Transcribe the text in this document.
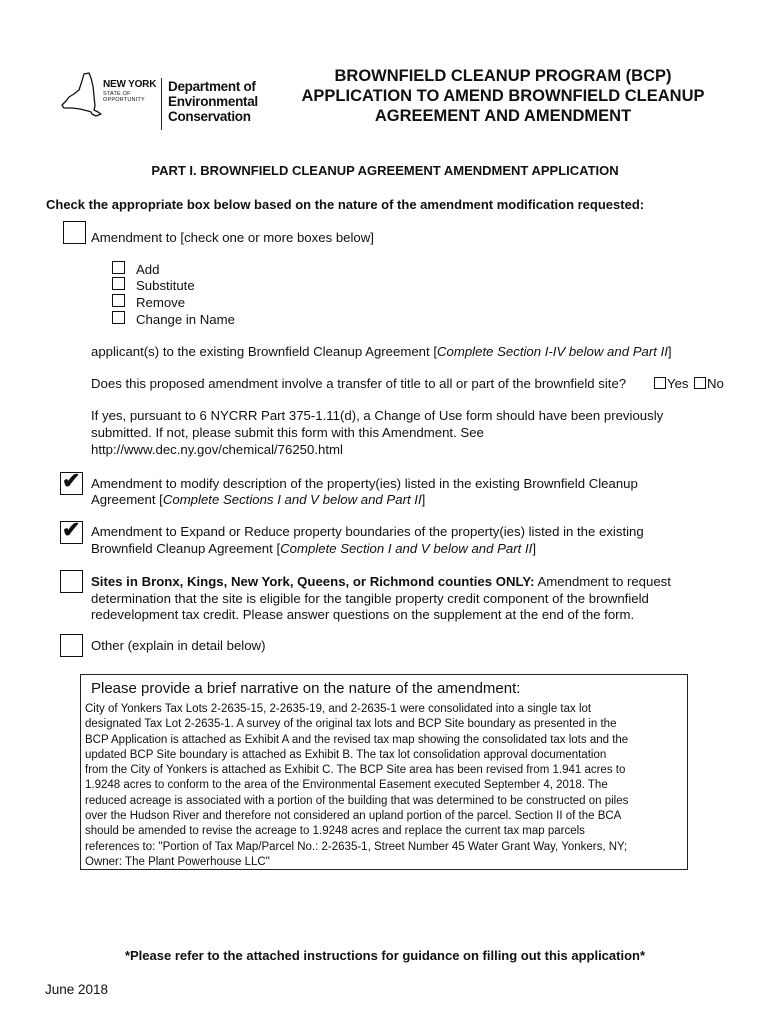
NEW YORK
STATE OF
OPPORTUNITY
Department of
Environmental
Conservation
BROWNFIELD CLEANUP PROGRAM (BCP)
APPLICATION TO AMEND BROWNFIELD CLEANUP
AGREEMENT AND AMENDMENT
PART I. BROWNFIELD CLEANUP AGREEMENT AMENDMENT APPLICATION
Check the appropriate box below based on the nature of the amendment modification requested:
Amendment to [check one or more boxes below]
Add
Substitute
Remove
Change in Name
applicant(s) to the existing Brownfield Cleanup Agreement [Complete Section I-IV below and Part II]
Does this proposed amendment involve a transfer of title to all or part of the brownfield site?	Yes No
If yes, pursuant to 6 NYCRR Part 375-1.11(d), a Change of Use form should have been previously
submitted. If not, please submit this form with this Amendment. See
http://www.dec.ny.gov/chemical/76250.html
✔ Amendment to modify description of the property(ies) listed in the existing Brownfield Cleanup
Agreement [Complete Sections I and V below and Part II]
✔ Amendment to Expand or Reduce property boundaries of the property(ies) listed in the existing
Brownfield Cleanup Agreement [Complete Section I and V below and Part II]
Sites in Bronx, Kings, New York, Queens, or Richmond counties ONLY: Amendment to request
determination that the site is eligible for the tangible property credit component of the brownfield
redevelopment tax credit. Please answer questions on the supplement at the end of the form.
Other (explain in detail below)
Please provide a brief narrative on the nature of the amendment:
City of Yonkers Tax Lots 2-2635-15, 2-2635-19, and 2-2635-1 were consolidated into a single tax lot
designated Tax Lot 2-2635-1. A survey of the original tax lots and BCP Site boundary as presented in the
BCP Application is attached as Exhibit A and the revised tax map showing the consolidated tax lots and the
updated BCP Site boundary is attached as Exhibit B. The tax lot consolidation approval documentation
from the City of Yonkers is attached as Exhibit C. The BCP Site area has been revised from 1.941 acres to
1.9248 acres to conform to the area of the Environmental Easement executed September 4, 2018. The
reduced acreage is associated with a portion of the building that was determined to be constructed on piles
over the Hudson River and therefore not considered an upland portion of the parcel. Section II of the BCA
should be amended to revise the acreage to 1.9248 acres and replace the current tax map parcels
references to: "Portion of Tax Map/Parcel No.: 2-2635-1, Street Number 45 Water Grant Way, Yonkers, NY;
Owner: The Plant Powerhouse LLC"
*Please refer to the attached instructions for guidance on filling out this application*
June 2018
